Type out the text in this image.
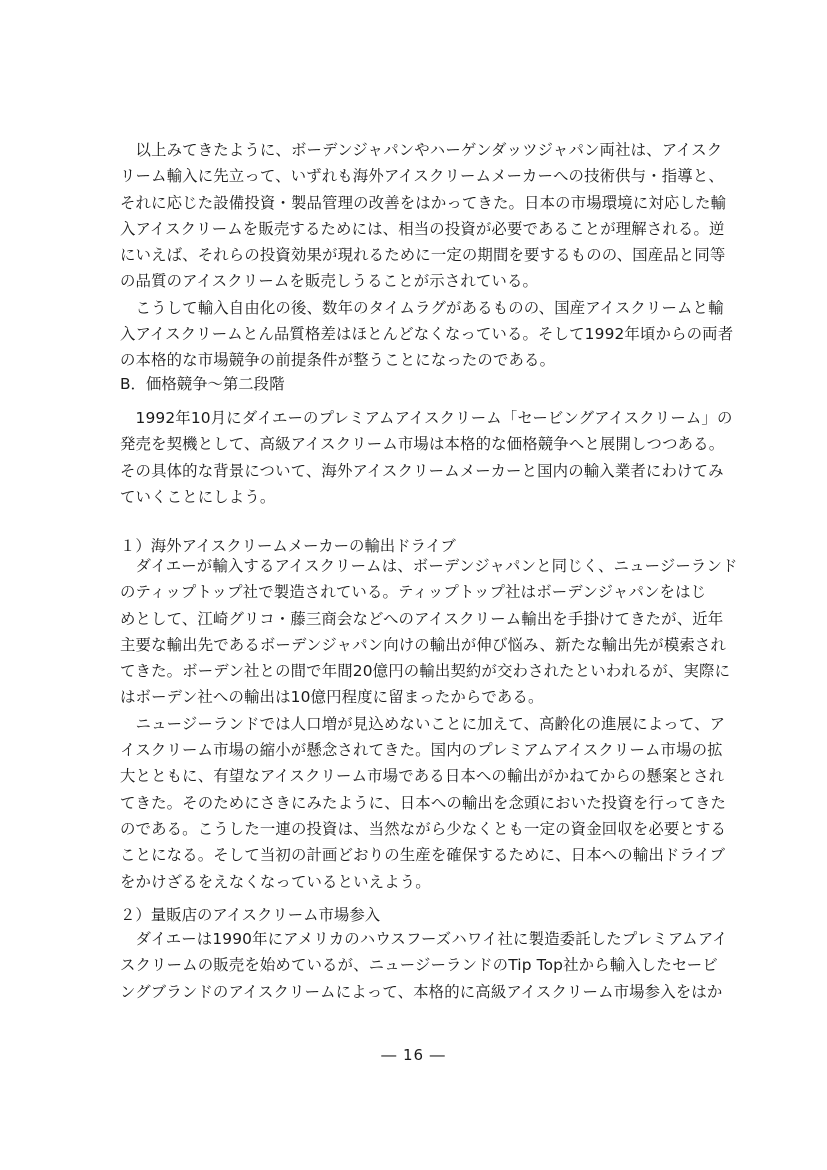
　以上みてきたように、ボーデンジャパンやハーゲンダッツジャパン両社は、アイスク
リーム輸入に先立って、いずれも海外アイスクリームメーカーへの技術供与・指導と、
それに応じた設備投資・製品管理の改善をはかってきた。日本の市場環境に対応した輸
入アイスクリームを販売するためには、相当の投資が必要であることが理解される。逆
にいえば、それらの投資効果が現れるために一定の期間を要するものの、国産品と同等
の品質のアイスクリームを販売しうることが示されている。
　こうして輸入自由化の後、数年のタイムラグがあるものの、国産アイスクリームと輸
入アイスクリームとん品質格差はほとんどなくなっている。そして1992年頃からの両者
の本格的な市場競争の前提条件が整うことになったのである。
B．価格競争～第二段階
　1992年10月にダイエーのプレミアムアイスクリーム「セービングアイスクリーム」の
発売を契機として、高級アイスクリーム市場は本格的な価格競争へと展開しつつある。
その具体的な背景について、海外アイスクリームメーカーと国内の輸入業者にわけてみ
ていくことにしよう。
１）海外アイスクリームメーカーの輸出ドライブ
　ダイエーが輸入するアイスクリームは、ボーデンジャパンと同じく、ニュージーランド
のティップトップ社で製造されている。ティップトップ社はボーデンジャパンをはじ
めとして、江崎グリコ・藤三商会などへのアイスクリーム輸出を手掛けてきたが、近年
主要な輸出先であるボーデンジャパン向けの輸出が伸び悩み、新たな輸出先が模索され
てきた。ボーデン社との間で年間20億円の輸出契約が交わされたといわれるが、実際に
はボーデン社への輸出は10億円程度に留まったからである。
　ニュージーランドでは人口増が見込めないことに加えて、高齢化の進展によって、ア
イスクリーム市場の縮小が懸念されてきた。国内のプレミアムアイスクリーム市場の拡
大とともに、有望なアイスクリーム市場である日本への輸出がかねてからの懸案とされ
てきた。そのためにさきにみたように、日本への輸出を念頭においた投資を行ってきた
のである。こうした一連の投資は、当然ながら少なくとも一定の資金回収を必要とする
ことになる。そして当初の計画どおりの生産を確保するために、日本への輸出ドライブ
をかけざるをえなくなっているといえよう。
２）量販店のアイスクリーム市場参入
　ダイエーは1990年にアメリカのハウスフーズハワイ社に製造委託したプレミアムアイ
スクリームの販売を始めているが、ニュージーランドのTip Top社から輸入したセービ
ングブランドのアイスクリームによって、本格的に高級アイスクリーム市場参入をはか
― 16 ―
